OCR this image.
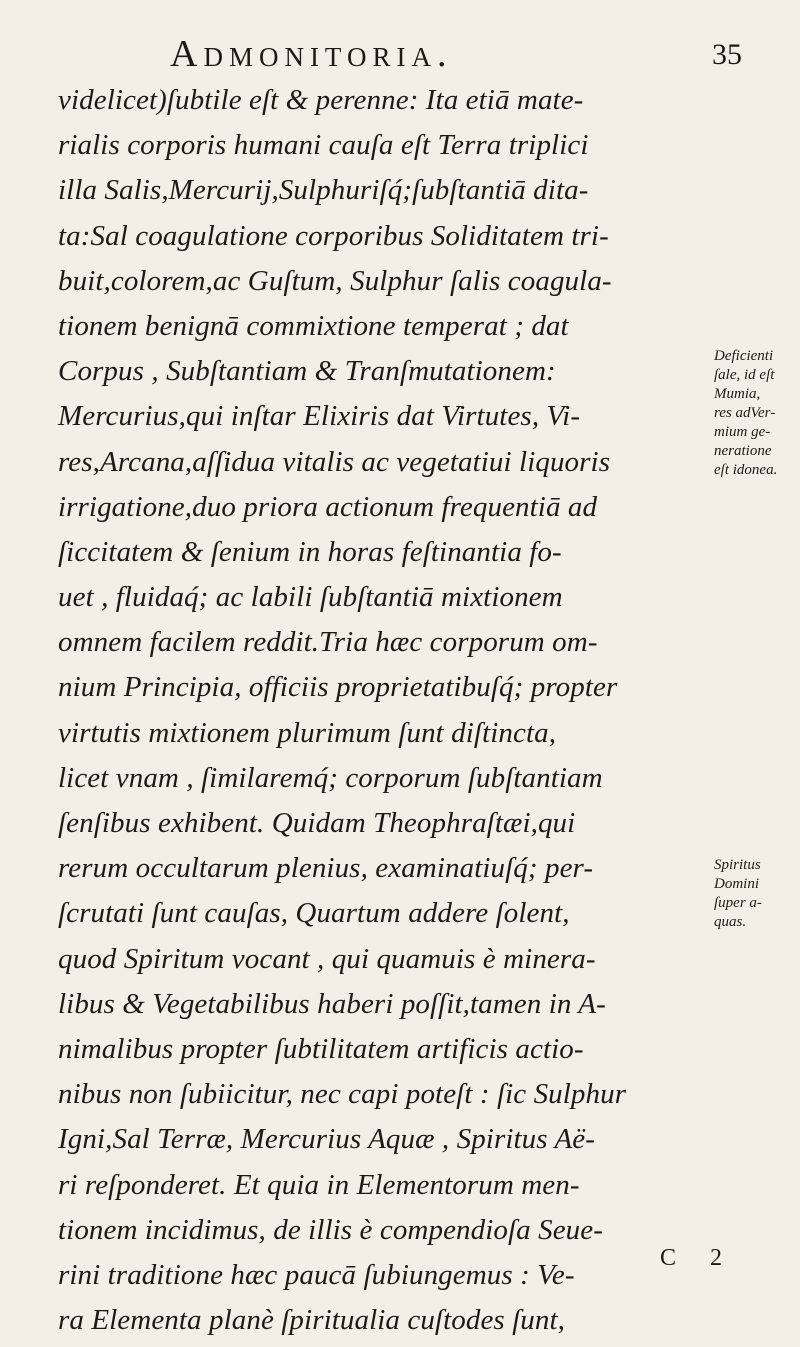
Admonitoria.	35
videlicet)ſubtile eſt & perenne: Ita etiā mate-
rialis corporis humani cauſa eſt Terra triplici
illa Salis,Mercurij,Sulphuriſq́;ſubſtantiā dita-
ta:Sal coagulatione corporibus Soliditatem tri-
buit,colorem,ac Guſtum, Sulphur ſalis coagula-
tionem benignā commixtione temperat ; dat
Corpus , Subſtantiam & Tranſmutationem:
Mercurius,qui inſtar Elixiris dat Virtutes, Vi-
res,Arcana,aſſidua vitalis ac vegetatiui liquoris
irrigatione,duo priora actionum frequentiā ad
ſiccitatem & ſenium in horas feſtinantia fo-
uet , fluidaq́; ac labili ſubſtantiā mixtionem
omnem facilem reddit.Tria hæc corporum om-
nium Principia, officiis proprietatibuſq́; propter
virtutis mixtionem plurimum ſunt diſtincta,
licet vnam , ſimilaremq́; corporum ſubſtantiam
ſenſibus exhibent. Quidam Theophraſtæi,qui
rerum occultarum plenius, examinatiuſq́; per-
ſcrutati ſunt cauſas, Quartum addere ſolent,
quod Spiritum vocant , qui quamuis è minera-
libus & Vegetabilibus haberi poſſit,tamen in A-
nimalibus propter ſubtilitatem artificis actio-
nibus non ſubiicitur, nec capi poteſt : ſic Sulphur
Igni,Sal Terræ, Mercurius Aquæ , Spiritus Aë-
ri reſponderet. Et quia in Elementorum men-
tionem incidimus, de illis è compendioſa Seue-
rini traditione hæc paucā ſubiungemus : Ve-
ra Elementa planè ſpiritualia cuſtodes ſunt,
Deficienti
ſale, id eſt
Mumia,
res adVer-
mium ge-
neratione
eſt idonea.
Spiritus
Domini
ſuper a-
quas.
C 2
